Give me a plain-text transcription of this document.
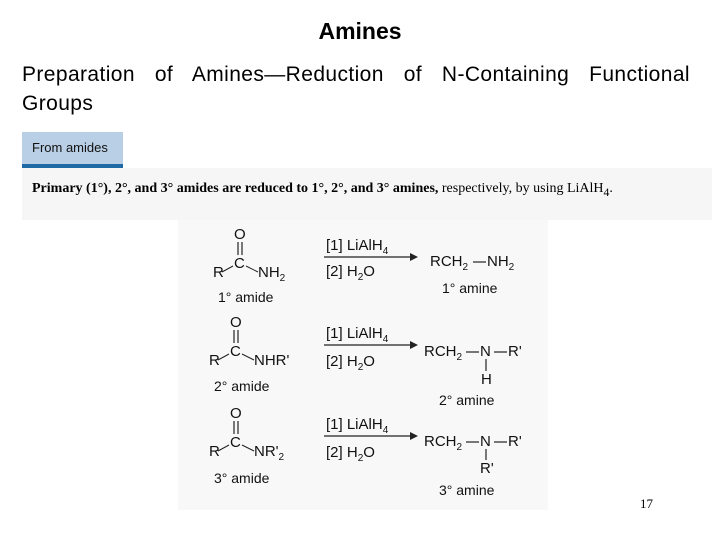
Amines
Preparation of Amines—Reduction of N-Containing Functional Groups
From amides
Primary (1°), 2°, and 3° amides are reduced to 1°, 2°, and 3° amines, respectively, by using LiAlH$_4$.
O
C
R $NH_2$
1° amide
[1] LiAlH$_4$
[2] $H_2O$
$RCH_2$ $NH_2$
1° amine
O
C
R NHR'
2° amide
[1] LiAlH$_4$
[2] $H_2O$
$RCH_2$ N R'
H
2° amine
O
C
R $NR'_2$
3° amide
[1] LiAlH$_4$
[2] $H_2O$
$RCH_2$ N R'
R'
3° amine
17
